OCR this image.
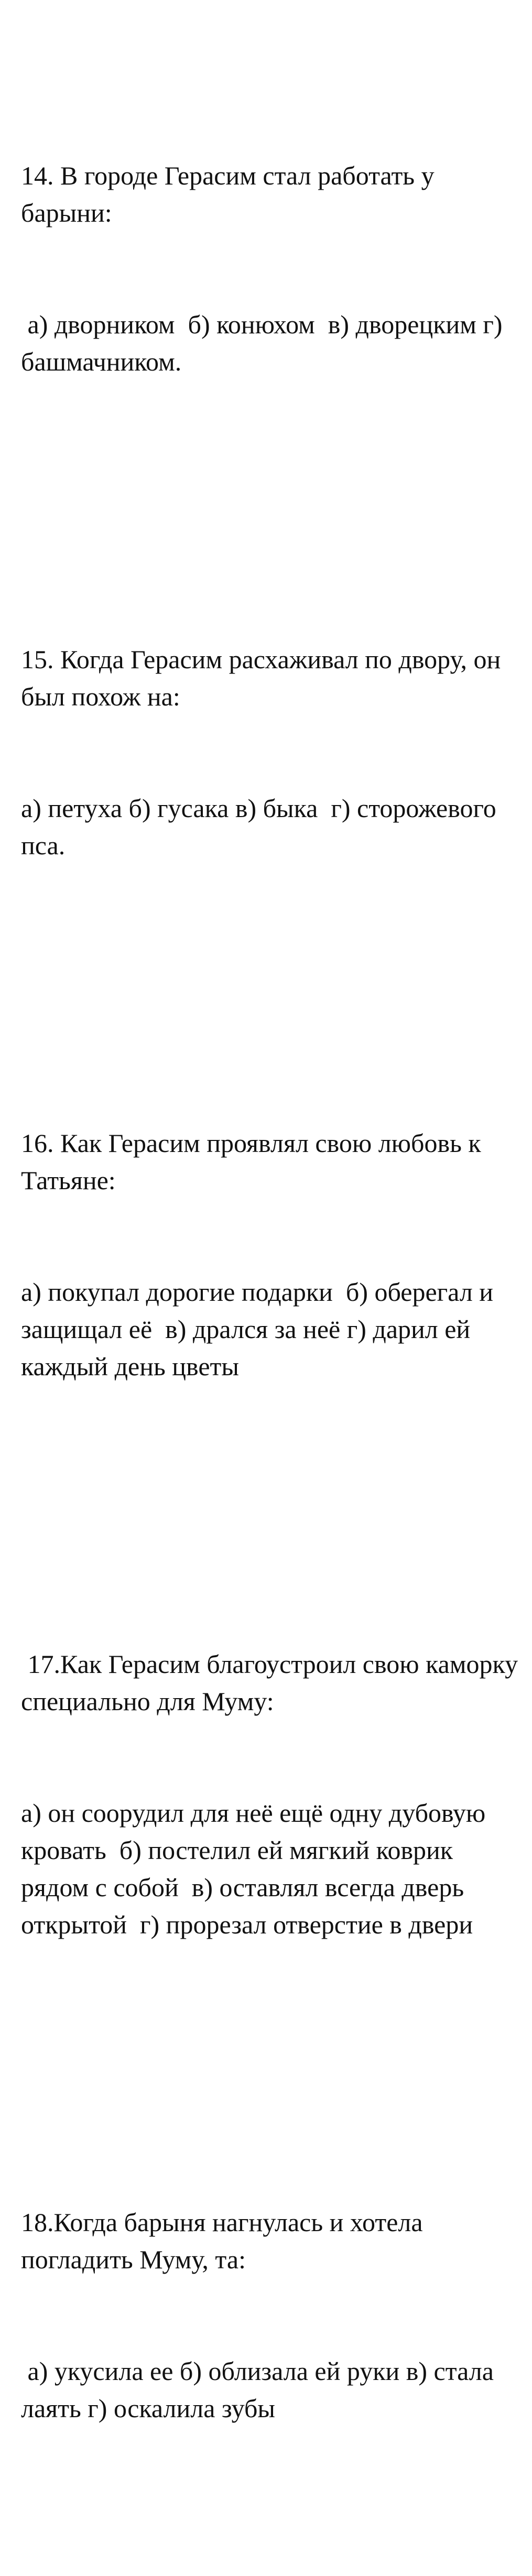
14. В городе Герасим стал работать у барыни:

а) дворником  б) конюхом  в) дворецким г) башмачником.

15. Когда Герасим расхаживал по двору, он был похож на:

а) петуха б) гусака в) быка  г) сторожевого пса.

16. Как Герасим проявлял свою любовь к Татьяне:

а) покупал дорогие подарки  б) оберегал и защищал её  в) дрался за неё г) дарил ей каждый день цветы

17.Как Герасим благоустроил свою каморку специально для Муму:

а) он соорудил для неё ещё одну дубовую кровать  б) постелил ей мягкий коврик рядом с собой  в) оставлял всегда дверь открытой  г) прорезал отверстие в двери

18.Когда барыня нагнулась и хотела погладить Муму, та:

а) укусила ее б) облизала ей руки в) стала лаять г) оскалила зубы
